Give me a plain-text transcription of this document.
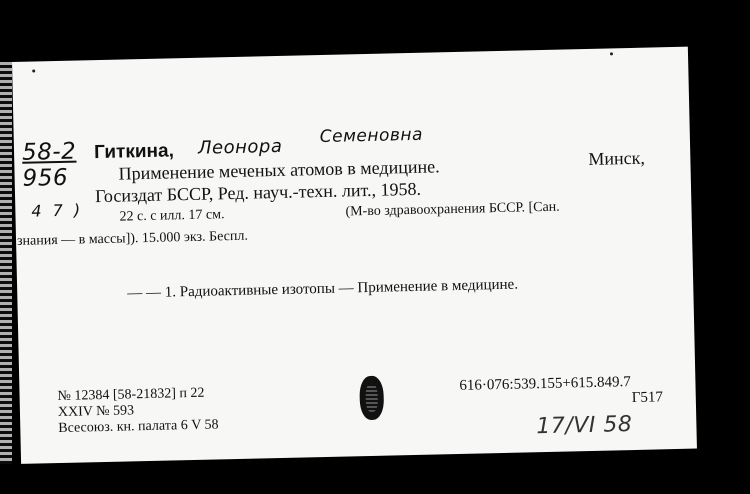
58-2
956
Гиткина, Леонора
Семеновна
Применение меченых атомов в медицине.	Минск,
Госиздат БССР, Ред. науч.-техн. лит., 1958.
4 7 )	22 с. с илл. 17 см.	(М-во здравоохранения БССР. [Сан.
знания — в массы]). 15.000 экз. Беспл.
— — 1. Радиоактивные изотопы — Применение в медицине.
№ 12384 [58-21832] п 22
XXIV № 593
Всесоюз. кн. палата 6 V 58
616·076:539.155+615.849.7
Г517
17/VI 58
